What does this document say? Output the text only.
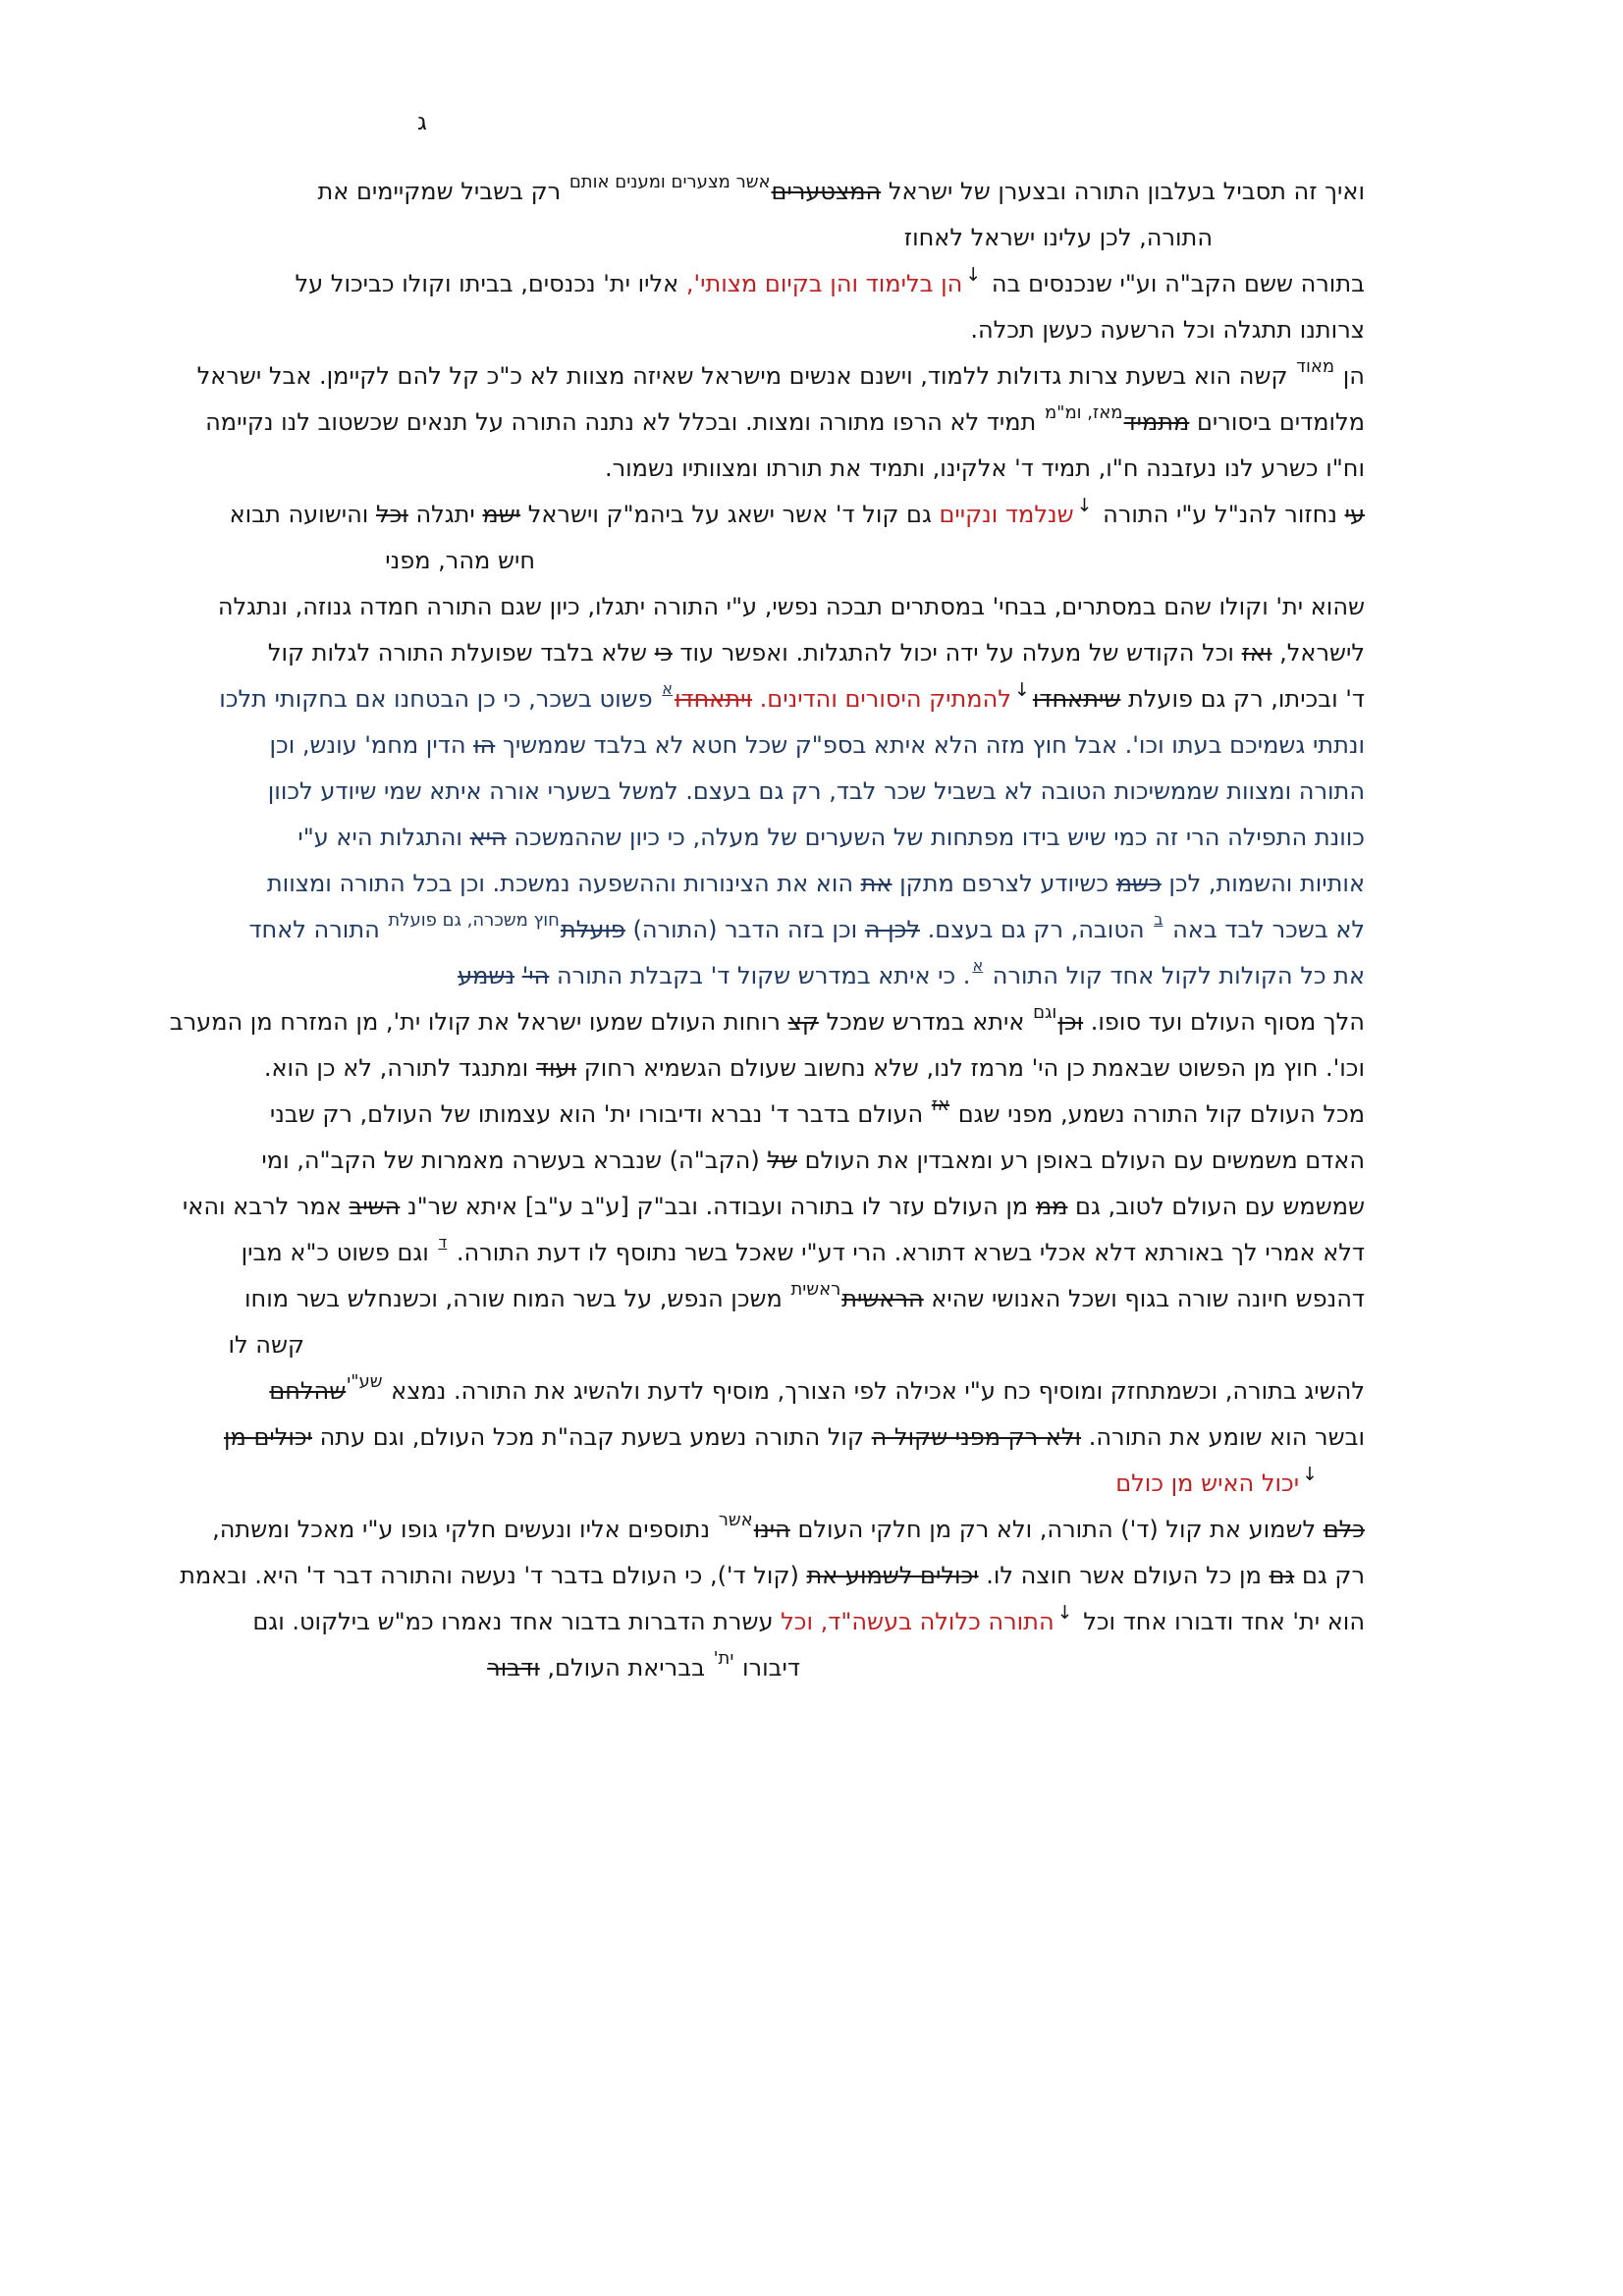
ג
ואיך זה תסביל בעלבון התורה ובצערן של ישראל המצטערים$^{אשר מצערים ומענים אותם}$ רק בשביל שמקיימים את
התורה, לכן עלינו ישראל לאחוז
בתורה ששם הקב"ה וע"י שנכנסים בה ↓הן בלימוד והן בקיום מצותי', אליו ית' נכנסים, בביתו וקולו כביכול על
צרותנו תתגלה וכל הרשעה כעשן תכלה.
הן $^{מאוד}$ קשה הוא בשעת צרות גדולות ללמוד, וישנם אנשים מישראל שאיזה מצוות לא כ"כ קל להם לקיימן. אבל ישראל
מלומדים ביסורים מתמיד$^{מאז, ומ"מ}$ תמיד לא הרפו מתורה ומצות. ובכלל לא נתנה התורה על תנאים שכשטוב לנו נקיימה
וח"ו כשרע לנו נעזבנה ח"ו, תמיד ד' אלקינו, ותמיד את תורתו ומצוותיו נשמור.
עי נחזור להנ"ל ע"י התורה ↓שנלמד ונקיים גם קול ד' אשר ישאג על ביהמ"ק וישראל ישמ יתגלה וכל והישועה תבוא
חיש מהר, מפני
שהוא ית' וקולו שהם במסתרים, בבחי' במסתרים תבכה נפשי, ע"י התורה יתגלו, כיון שגם התורה חמדה גנוזה, ונתגלה
לישראל, ואז וכל הקודש של מעלה על ידה יכול להתגלות. ואפשר עוד כי שלא בלבד שפועלת התורה לגלות קול
ד' ובכיתו, רק גם פועלת שיתאחדו↓להמתיק היסורים והדינים. ויתאחדו$^א$ פשוט בשכר, כי כן הבטחנו אם בחקותי תלכו
ונתתי גשמיכם בעתו וכו'. אבל חוץ מזה הלא איתא בספ"ק שכל חטא לא בלבד שממשיך הו הדין מחמ' עונש, וכן
התורה ומצוות שממשיכות הטובה לא בשביל שכר לבד, רק גם בעצם. למשל בשערי אורה איתא שמי שיודע לכוון
כוונת התפילה הרי זה כמי שיש בידו מפתחות של השערים של מעלה, כי כיון שההמשכה היא והתגלות היא ע"י
אותיות והשמות, לכן כשמ כשיודע לצרפם מתקן את הוא את הצינורות וההשפעה נמשכת. וכן בכל התורה ומצוות
לא בשכר לבד באה $^ב$ הטובה, רק גם בעצם. לכן ה וכן בזה הדבר (התורה) פועלת$^{חוץ משכרה, גם פועלת}$ התורה לאחד
את כל הקולות לקול אחד קול התורה $^א$. כי איתא במדרש שקול ד' בקבלת התורה הי' נשמע
הלך מסוף העולם ועד סופו. וכן$^{וגם}$ איתא במדרש שמכל קצ רוחות העולם שמעו ישראל את קולו ית', מן המזרח מן המערב
וכו'. חוץ מן הפשוט שבאמת כן הי' מרמז לנו, שלא נחשוב שעולם הגשמיא רחוק ועוד ומתנגד לתורה, לא כן הוא.
מכל העולם קול התורה נשמע, מפני שגם $^{אז}$ העולם בדבר ד' נברא ודיבורו ית' הוא עצמותו של העולם, רק שבני
האדם משמשים עם העולם באופן רע ומאבדין את העולם של (הקב"ה) שנברא בעשרה מאמרות של הקב"ה, ומי
שמשמש עם העולם לטוב, גם ממ מן העולם עזר לו בתורה ועבודה. ובב"ק [ע"ב ע"ב] איתא שר"נ השיב אמר לרבא והאי
דלא אמרי לך באורתא דלא אכלי בשרא דתורא. הרי דע"י שאכל בשר נתוסף לו דעת התורה. $^ד$ וגם פשוט כ"א מבין
דהנפש חיונה שורה בגוף ושכל האנושי שהיא הראשית$^{ראשית}$ משכן הנפש, על בשר המוח שורה, וכשנחלש בשר מוחו
קשה לו
להשיג בתורה, וכשמתחזק ומוסיף כח ע"י אכילה לפי הצורך, מוסיף לדעת ולהשיג את התורה. נמצא $^{שע"י}$שהלחם
ובשר הוא שומע את התורה. ולא רק מפני שקול ה קול התורה נשמע בשעת קבה"ת מכל העולם, וגם עתה יכולים מן
↓יכול האיש מן כולם
כלם לשמוע את קול (ד') התורה, ולא רק מן חלקי העולם הינו$^{אשר}$ נתוספים אליו ונעשים חלקי גופו ע"י מאכל ומשתה,
רק גם גם מן כל העולם אשר חוצה לו. יכולים לשמוע את (קול ד'), כי העולם בדבר ד' נעשה והתורה דבר ד' היא. ובאמת
הוא ית' אחד ודבורו אחד וכל ↓התורה כלולה בעשה"ד, וכל עשרת הדברות בדבור אחד נאמרו כמ"ש בילקוט. וגם
דיבורו $^{ית'}$ בבריאת העולם, ודבור
